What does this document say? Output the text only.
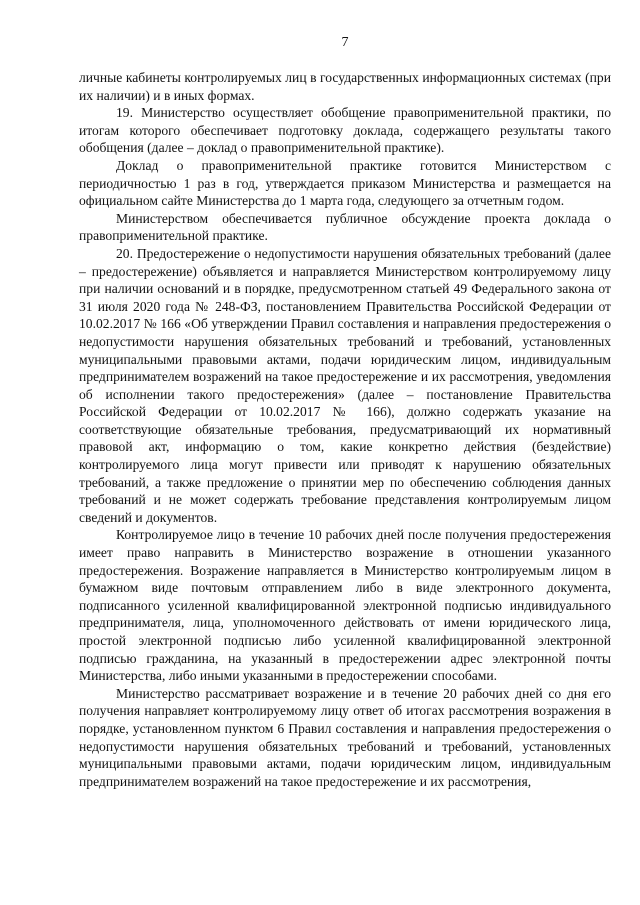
7

личные кабинеты контролируемых лиц в государственных информационных системах (при их наличии) и в иных формах.

19. Министерство осуществляет обобщение правоприменительной практики, по итогам которого обеспечивает подготовку доклада, содержащего результаты такого обобщения (далее – доклад о правоприменительной практике).

Доклад о правоприменительной практике готовится Министерством с периодичностью 1 раз в год, утверждается приказом Министерства и размещается на официальном сайте Министерства до 1 марта года, следующего за отчетным годом.

Министерством обеспечивается публичное обсуждение проекта доклада о правоприменительной практике.

20. Предостережение о недопустимости нарушения обязательных требований (далее – предостережение) объявляется и направляется Министерством контролируемому лицу при наличии оснований и в порядке, предусмотренном статьей 49 Федерального закона от 31 июля 2020 года № 248-ФЗ, постановлением Правительства Российской Федерации от 10.02.2017 № 166 «Об утверждении Правил составления и направления предостережения о недопустимости нарушения обязательных требований и требований, установленных муниципальными правовыми актами, подачи юридическим лицом, индивидуальным предпринимателем возражений на такое предостережение и их рассмотрения, уведомления об исполнении такого предостережения» (далее – постановление Правительства Российской Федерации от 10.02.2017 № 166), должно содержать указание на соответствующие обязательные требования, предусматривающий их нормативный правовой акт, информацию о том, какие конкретно действия (бездействие) контролируемого лица могут привести или приводят к нарушению обязательных требований, а также предложение о принятии мер по обеспечению соблюдения данных требований и не может содержать требование представления контролируемым лицом сведений и документов.

Контролируемое лицо в течение 10 рабочих дней после получения предостережения имеет право направить в Министерство возражение в отношении указанного предостережения. Возражение направляется в Министерство контролируемым лицом в бумажном виде почтовым отправлением либо в виде электронного документа, подписанного усиленной квалифицированной электронной подписью индивидуального предпринимателя, лица, уполномоченного действовать от имени юридического лица, простой электронной подписью либо усиленной квалифицированной электронной подписью гражданина, на указанный в предостережении адрес электронной почты Министерства, либо иными указанными в предостережении способами.

Министерство рассматривает возражение и в течение 20 рабочих дней со дня его получения направляет контролируемому лицу ответ об итогах рассмотрения возражения в порядке, установленном пунктом 6 Правил составления и направления предостережения о недопустимости нарушения обязательных требований и требований, установленных муниципальными правовыми актами, подачи юридическим лицом, индивидуальным предпринимателем возражений на такое предостережение и их рассмотрения,
